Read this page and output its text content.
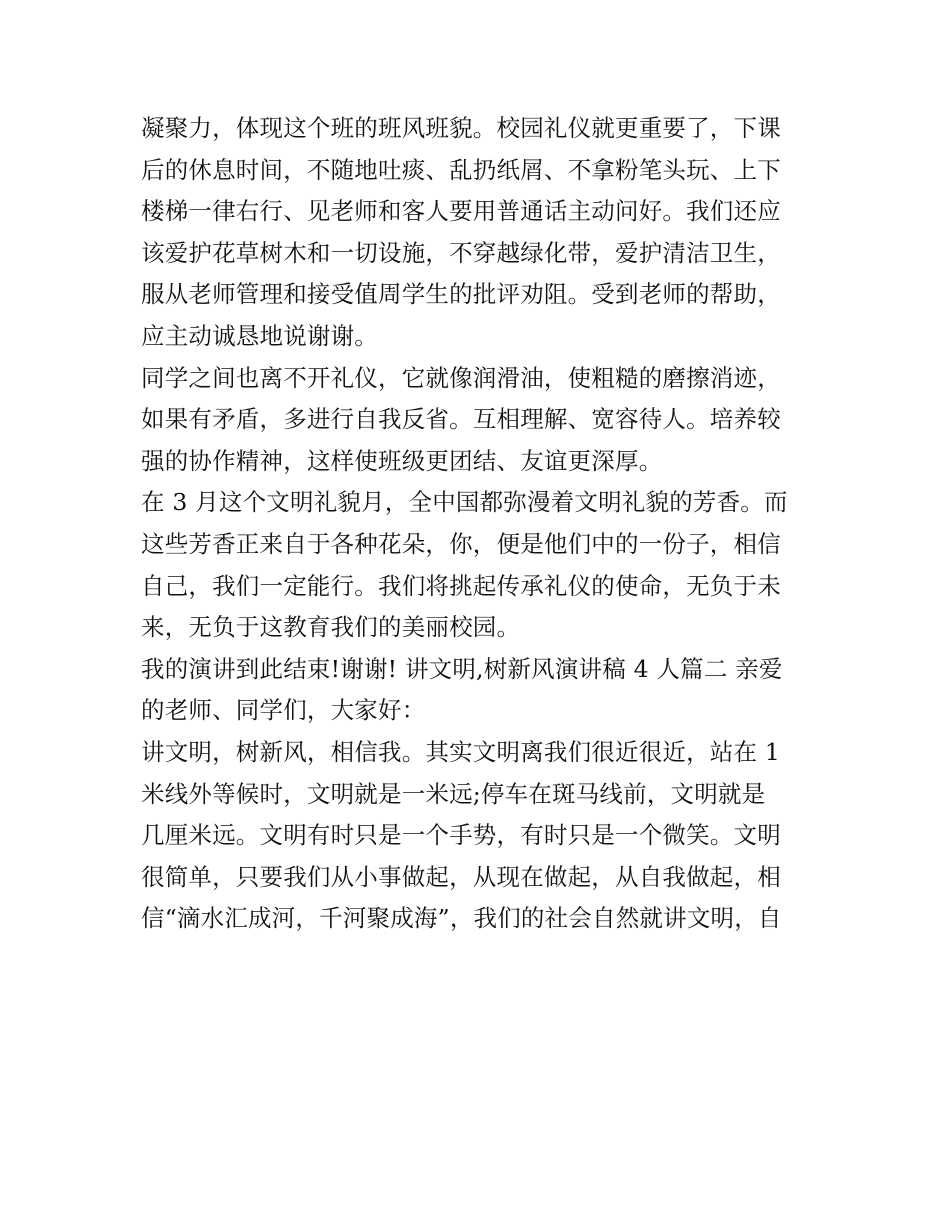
凝聚力，体现这个班的班风班貌。校园礼仪就更重要了，下课
后的休息时间，不随地吐痰、乱扔纸屑、不拿粉笔头玩、上下
楼梯一律右行、见老师和客人要用普通话主动问好。我们还应
该爱护花草树木和一切设施，不穿越绿化带，爱护清洁卫生，
服从老师管理和接受值周学生的批评劝阻。受到老师的帮助，
应主动诚恳地说谢谢。
同学之间也离不开礼仪，它就像润滑油，使粗糙的磨擦消迹，
如果有矛盾，多进行自我反省。互相理解、宽容待人。培养较
强的协作精神，这样使班级更团结、友谊更深厚。
在 3 月这个文明礼貌月，全中国都弥漫着文明礼貌的芳香。而
这些芳香正来自于各种花朵，你，便是他们中的一份子，相信
自己，我们一定能行。我们将挑起传承礼仪的使命，无负于未
来，无负于这教育我们的美丽校园。
我的演讲到此结束!谢谢! 讲文明,树新风演讲稿 4 人篇二 亲爱
的老师、同学们，大家好：
讲文明，树新风，相信我。其实文明离我们很近很近，站在 1
米线外等候时，文明就是一米远;停车在斑马线前，文明就是
几厘米远。文明有时只是一个手势，有时只是一个微笑。文明
很简单，只要我们从小事做起，从现在做起，从自我做起，相
信“滴水汇成河，千河聚成海”，我们的社会自然就讲文明，自
